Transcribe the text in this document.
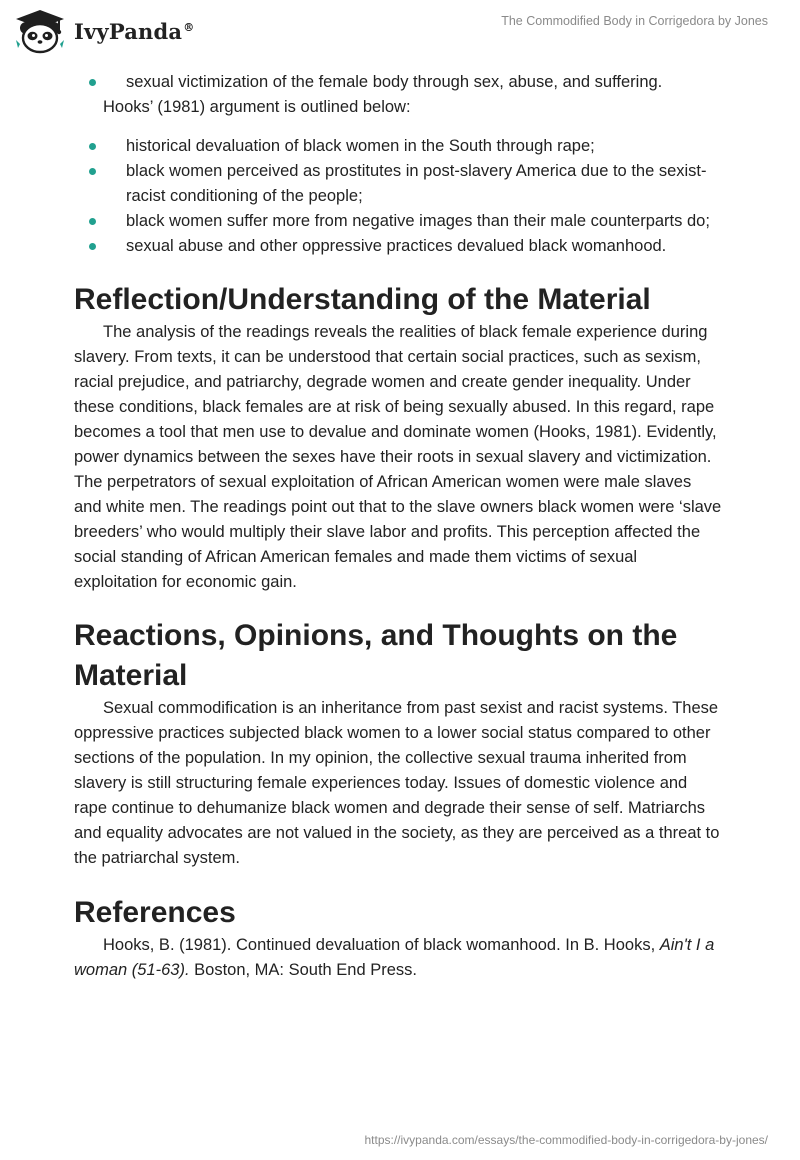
IvyPanda®	The Commodified Body in Corrigedora by Jones
sexual victimization of the female body through sex, abuse, and suffering.

Hooks’ (1981) argument is outlined below:

historical devaluation of black women in the South through rape;
black women perceived as prostitutes in post-slavery America due to the sexist-racist conditioning of the people;
black women suffer more from negative images than their male counterparts do;
sexual abuse and other oppressive practices devalued black womanhood.
Reflection/Understanding of the Material

The analysis of the readings reveals the realities of black female experience during slavery. From texts, it can be understood that certain social practices, such as sexism, racial prejudice, and patriarchy, degrade women and create gender inequality. Under these conditions, black females are at risk of being sexually abused. In this regard, rape becomes a tool that men use to devalue and dominate women (Hooks, 1981). Evidently, power dynamics between the sexes have their roots in sexual slavery and victimization. The perpetrators of sexual exploitation of African American women were male slaves and white men. The readings point out that to the slave owners black women were ‘slave breeders’ who would multiply their slave labor and profits. This perception affected the social standing of African American females and made them victims of sexual exploitation for economic gain.

Reactions, Opinions, and Thoughts on the Material

Sexual commodification is an inheritance from past sexist and racist systems. These oppressive practices subjected black women to a lower social status compared to other sections of the population. In my opinion, the collective sexual trauma inherited from slavery is still structuring female experiences today. Issues of domestic violence and rape continue to dehumanize black women and degrade their sense of self. Matriarchs and equality advocates are not valued in the society, as they are perceived as a threat to the patriarchal system.

References

Hooks, B. (1981). Continued devaluation of black womanhood. In B. Hooks, Ain't I a woman (51-63). Boston, MA: South End Press.

https://ivypanda.com/essays/the-commodified-body-in-corrigedora-by-jones/
